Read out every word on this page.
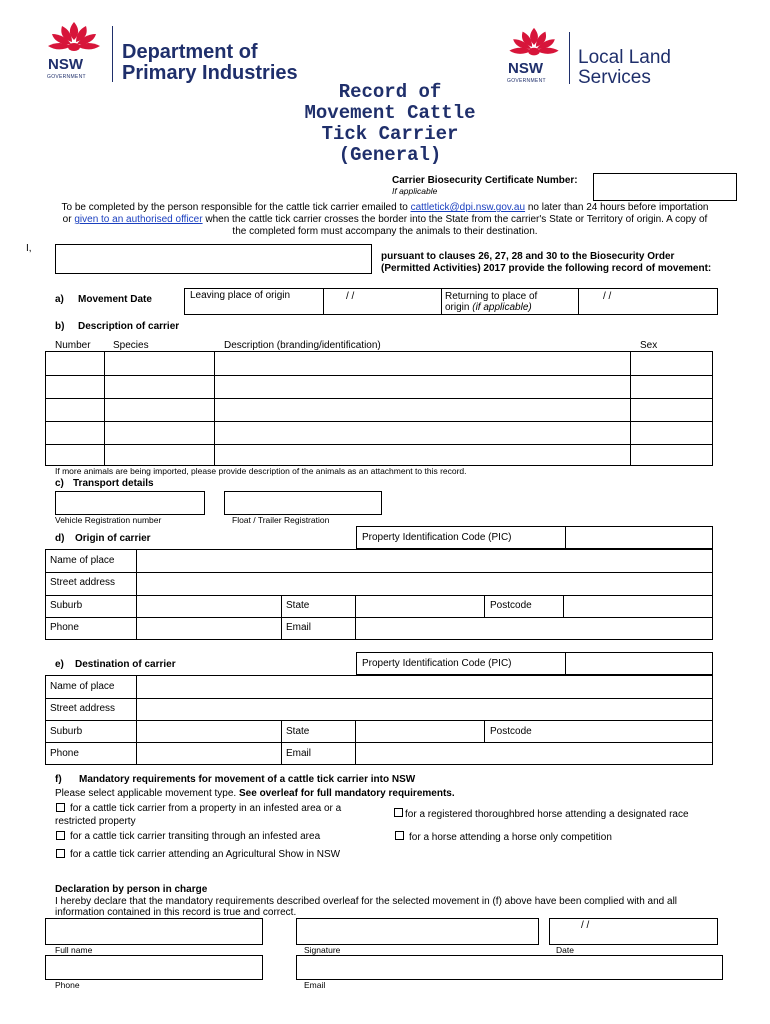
NSW
GOVERNMENT
Department of
Primary Industries	NSW
GOVERNMENT
Local Land
Services
Record of
Movement Cattle
Tick Carrier
(General)
Carrier Biosecurity Certificate Number:
If applicable
To be completed by the person responsible for the cattle tick carrier emailed to cattletick@dpi.nsw.gov.au no later than 24 hours before importation
or given to an authorised officer when the cattle tick carrier crosses the border into the State from the carrier's State or Territory of origin. A copy of
the completed form must accompany the animals to their destination.
I,
pursuant to clauses 26, 27, 28 and 30 to the Biosecurity Order
(Permitted Activities) 2017 provide the following record of movement:
a) Movement Date	Leaving place of origin	/ /	Returning to place of
origin (if applicable)
/ /
b) Description of carrier
Number Species	Description (branding/identification)	Sex
If more animals are being imported, please provide description of the animals as an attachment to this record.
c) Transport details
Vehicle Registration number	Float / Trailer Registration
d) Origin of carrier	Property Identification Code (PIC)
Name of place
Street address
Suburb	State	Postcode
Phone	Email
e) Destination of carrier	Property Identification Code (PIC)
Name of place
Street address
Suburb	State	Postcode
Phone	Email
f) Mandatory requirements for movement of a cattle tick carrier into NSW
Please select applicable movement type. See overleaf for full mandatory requirements.
for a cattle tick carrier from a property in an infested area or a
restricted property
for a cattle tick carrier transiting through an infested area
for a cattle tick carrier attending an Agricultural Show in NSW
for a registered thoroughbred horse attending a designated race
for a horse attending a horse only competition
Declaration by person in charge
I hereby declare that the mandatory requirements described overleaf for the selected movement in (f) above have been complied with and all
information contained in this record is true and correct.
/ /
Full name	Signature	Date
Phone	Email
